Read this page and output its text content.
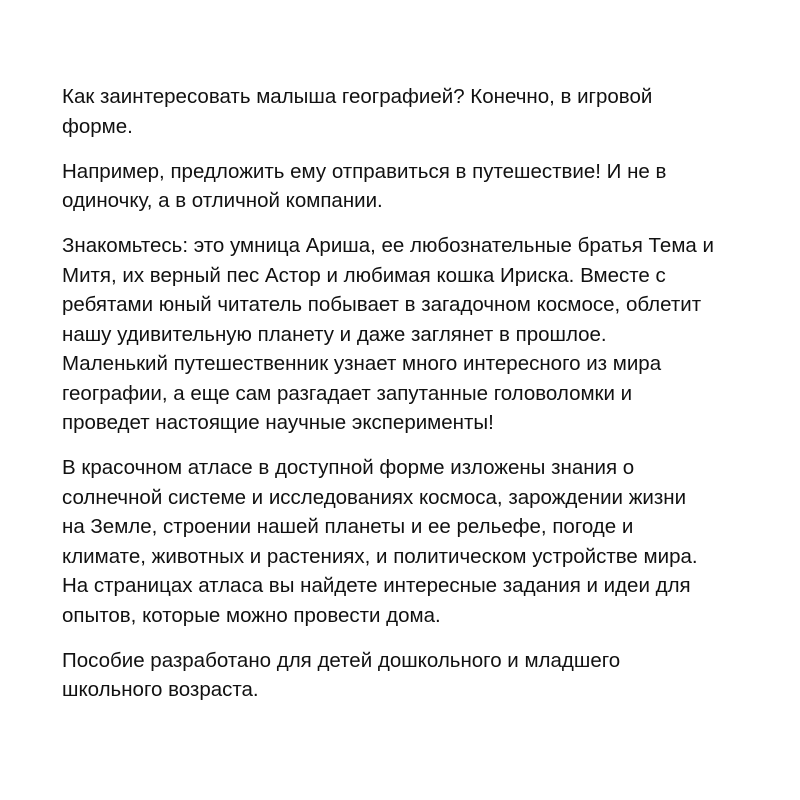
Как заинтересовать малыша географией? Конечно, в игровой
форме.

Например, предложить ему отправиться в путешествие! И не в
одиночку, а в отличной компании.

Знакомьтесь: это умница Ариша, ее любознательные братья Тема и
Митя, их верный пес Астор и любимая кошка Ириска. Вместе с
ребятами юный читатель побывает в загадочном космосе, облетит
нашу удивительную планету и даже заглянет в прошлое.
Маленький путешественник узнает много интересного из мира
географии, а еще сам разгадает запутанные головоломки и
проведет настоящие научные эксперименты!

В красочном атласе в доступной форме изложены знания о
солнечной системе и исследованиях космоса, зарождении жизни
на Земле, строении нашей планеты и ее рельефе, погоде и
климате, животных и растениях, и политическом устройстве мира.
На страницах атласа вы найдете интересные задания и идеи для
опытов, которые можно провести дома.

Пособие разработано для детей дошкольного и младшего
школьного возраста.
